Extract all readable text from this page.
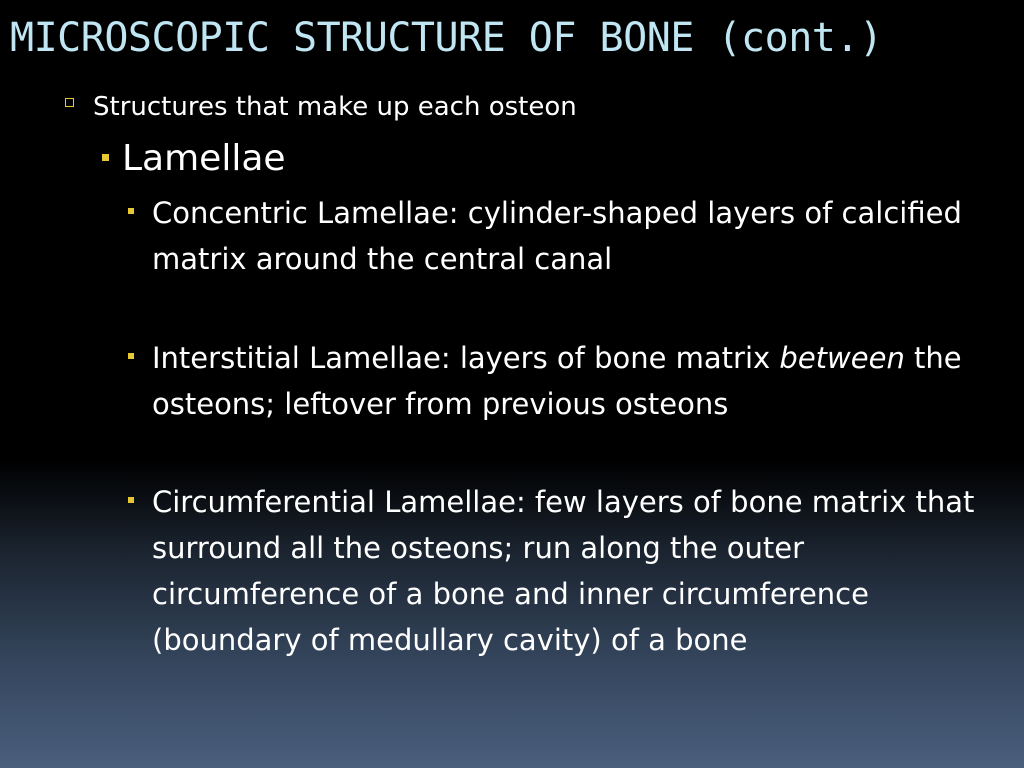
MICROSCOPIC STRUCTURE OF BONE (cont.)
Structures that make up each osteon
Lamellae
Concentric Lamellae: cylinder-shaped layers of calcified matrix around the central canal
Interstitial Lamellae: layers of bone matrix between the osteons; leftover from previous osteons
Circumferential Lamellae: few layers of bone matrix that surround all the osteons; run along the outer circumference of a bone and inner circumference (boundary of medullary cavity) of a bone
